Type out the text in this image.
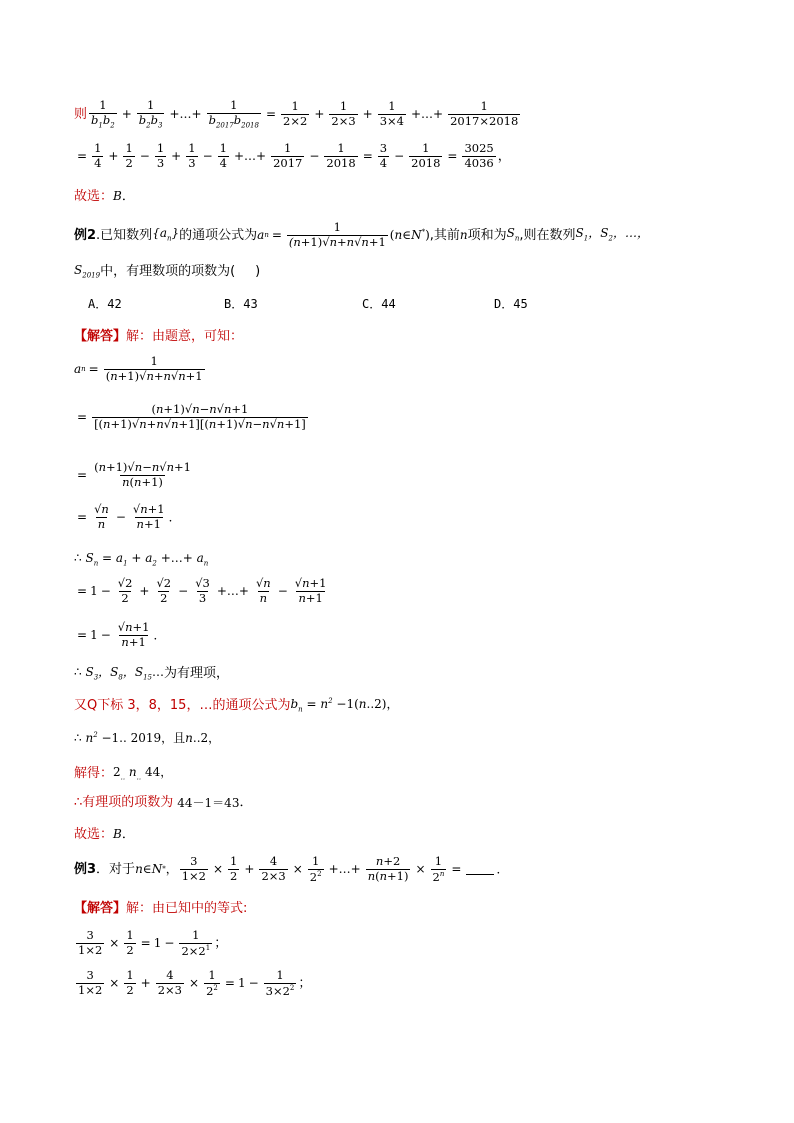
则 $\frac{1}{b_1b_2} + \frac{1}{b_2b_3}$ +…+ $\frac{1}{b_{2017}b_{2018}} = \frac{1}{2\times 2} + \frac{1}{2\times 3} + \frac{1}{3\times 4}$ +…+ $\frac{1}{2017\times 2018}$
= $\frac{1}{4} + \frac{1}{2} - \frac{1}{3} + \frac{1}{3} - \frac{1}{4}$ +…+ $\frac{1}{2017} - \frac{1}{2018} = \frac{3}{4} - \frac{1}{2018} = \frac{3025}{4036}$ ，
故选：B．
例2 .已知数列 $\{a_n\}$ 的通项公式为 a $n = \frac{1}{(n+1)√n+n√n+1}$ (n∈N*) ,其前 n 项和为 $S_n$ ,则在数列 $S_1$，$S_2$，…，
$S_{2019}$ 中，有理数项的项数为( )
A．42	B．43	C．44	D．45
【解答】解：由题意，可知：
a $n = \frac{1}{(n+1)√n+n√n+1}$
= $\frac{(n+1)√n-n√n+1}{[(n+1)√n+n√n+1][(n+1)√n-n√n+1]}$
= $\frac{(n+1)√n-n√n+1}{n(n+1)}$
= $\frac{√n}{n} - \frac{√n+1}{n+1}$ ．
∴ $S_n = a_1 + a_2$ +…+ $a_n$
= $1 - \frac{√2}{2} + \frac{√2}{2} - \frac{√3}{3}$ +…+ $\frac{√n}{n} - \frac{√n+1}{n+1}$
= $1 - \frac{√n+1}{n+1}$ ．
∴ $S_3$，$S_8$，$S_{15}\dots$ 为有理项，
又Q下标 3，8，15，…的通项公式为 $b_n = n^2 -1(n..2)$，
∴ $n^2 -1$.. 2019，且n..2，
解得： $2_{..}$ $n_{..}$ 44，
∴有理项的项数为 44－1＝43 ．
故选：B．
例3 ．对于 n ∈ N * ， $\frac{3}{1\times 2} \times \frac{1}{2} + \frac{4}{2\times 3} \times \frac{1}{2^2}$ +…+ $\frac{n+2}{n(n+1)} \times \frac{1}{2^n}$ =	．
【解答】解：由已知中的等式:
$\frac{3}{1\times 2} \times \frac{1}{2} = 1 - \frac{1}{2\times 2^1}$ ；
$\frac{3}{1\times 2} \times \frac{1}{2} + \frac{4}{2\times 3} \times \frac{1}{2^2} = 1 - \frac{1}{3\times 2^2}$ ；
